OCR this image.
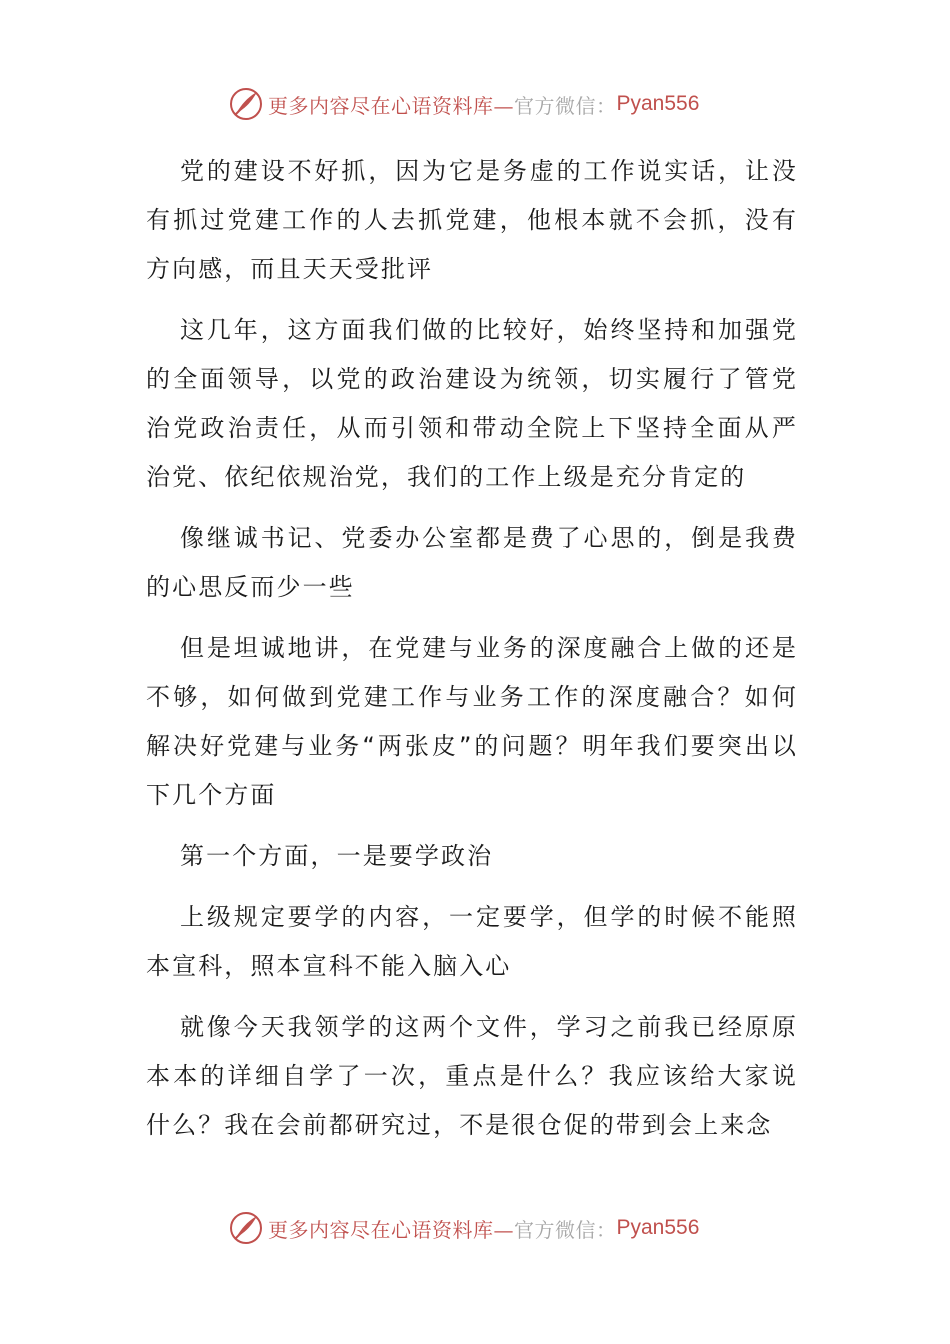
更多内容尽在心语资料库— 官方微信： Pyan556

党的建设不好抓，因为它是务虚的工作说实话，让没有抓过党建工作的人去抓党建，他根本就不会抓，没有方向感，而且天天受批评

这几年，这方面我们做的比较好，始终坚持和加强党的全面领导，以党的政治建设为统领，切实履行了管党治党政治责任，从而引领和带动全院上下坚持全面从严治党、依纪依规治党，我们的工作上级是充分肯定的

像继诚书记、党委办公室都是费了心思的，倒是我费的心思反而少一些

但是坦诚地讲，在党建与业务的深度融合上做的还是不够，如何做到党建工作与业务工作的深度融合？如何解决好党建与业务“两张皮”的问题？明年我们要突出以下几个方面

第一个方面，一是要学政治

上级规定要学的内容，一定要学，但学的时候不能照本宣科，照本宣科不能入脑入心

就像今天我领学的这两个文件，学习之前我已经原原本本的详细自学了一次，重点是什么？我应该给大家说什么？我在会前都研究过，不是很仓促的带到会上来念

更多内容尽在心语资料库— 官方微信： Pyan556
